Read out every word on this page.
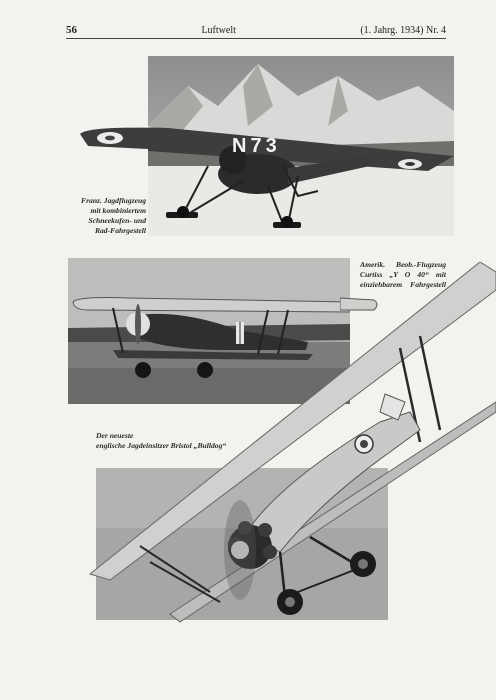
56	Luftwelt	(1. Jahrg. 1934) Nr. 4
N73
Franz. Jagdflugzeug
mit kombiniertem
Schneekufen- und
Rad-Fahrgestell
Amerik. Beob.-Flugzeug
Curtiss „Y O 40“ mit
einziehbarem Fahrgestell
Der neueste
englische Jagdeinsitzer Bristol „Bulldog“
